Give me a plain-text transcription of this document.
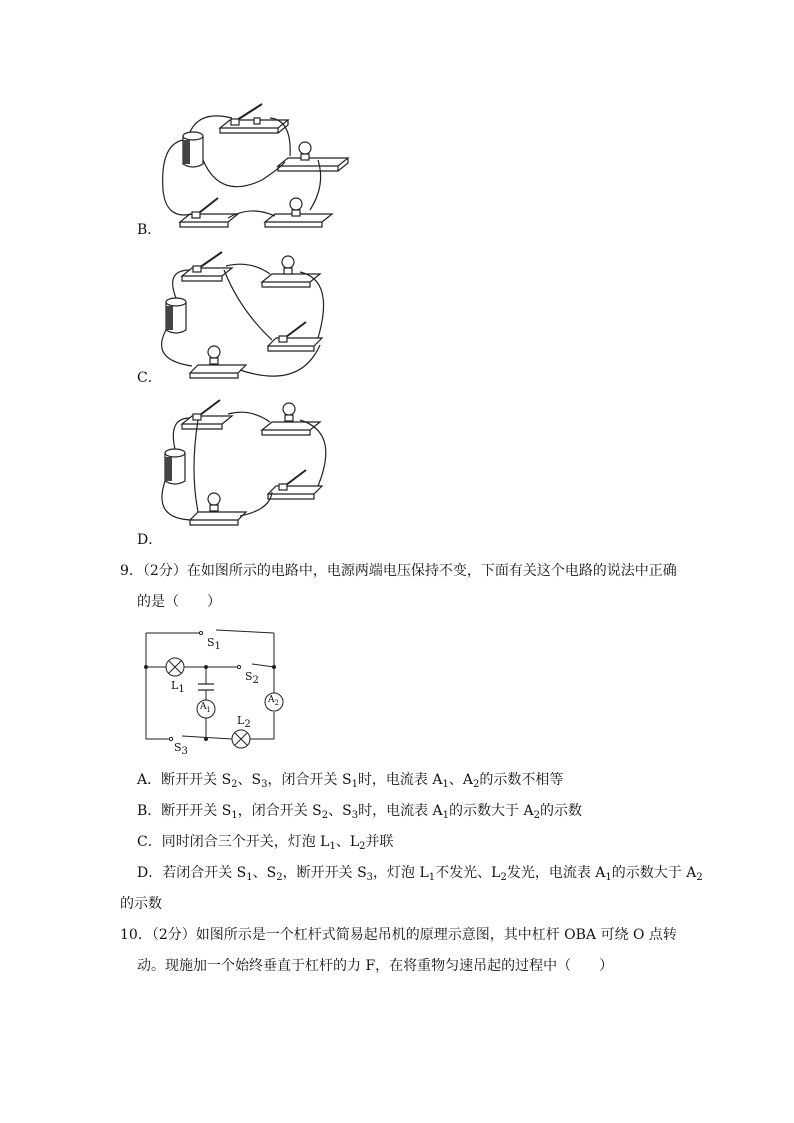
B．
C．
D．
9．（2分）在如图所示的电路中，电源两端电压保持不变，下面有关这个电路的说法中正确
的是（　　）
$S_1$
$L_1$
$S_2$
$A_1$
$A_2$
$L_2$
$S_3$
A．断开开关 $S_2$、$S_3$，闭合开关 $S_1$时，电流表 $A_1$、$A_2$的示数不相等
B．断开开关 $S_1$，闭合开关 $S_2$、$S_3$时，电流表 $A_1$的示数大于 $A_2$的示数
C．同时闭合三个开关，灯泡 $L_1$、$L_2$并联
D．若闭合开关 $S_1$、$S_2$，断开开关 $S_3$，灯泡 $L_1$不发光、$L_2$发光，电流表 $A_1$的示数大于 $A_2$
的示数
10．（2分）如图所示是一个杠杆式简易起吊机的原理示意图，其中杠杆 OBA 可绕 O 点转
动。现施加一个始终垂直于杠杆的力 F，在将重物匀速吊起的过程中（　　）
